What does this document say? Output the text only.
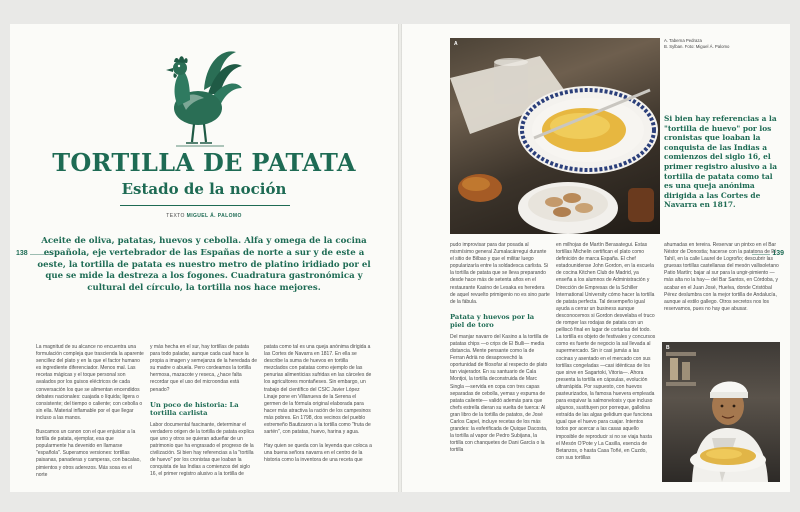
138
TORTILLA DE PATATA
Estado de la noción
TEXTO MIGUEL Á. PALOMO
Aceite de oliva, patatas, huevos y cebolla. Alfa y omega de la cocina española, eje vertebrador de las Españas de norte a sur y de este a oeste, la tortilla de patata es nuestro metro de platino iridiado por el que se mide la destreza a los fogones. Cuadratura gastronómica y cultural del círculo, la tortilla nos hace mejores.

La magnitud de su alcance no encuentra una formulación compleja que trascienda la aparente sencillez del plato y en la que el factor humano es ingrediente diferenciador. Menos mal. Las recetas mágicas y el toque personal son avalados por los guisos eléctricos de cada conversación los que se alimentan encendidos debates nacionales: cuajada o líquida; ligera o consistente; del tiempo o caliente; con cebolla o sin ella. Material inflamable por el que llegar incluso a las manos.

Buscamos un canon con el que enjuiciar a la tortilla de patata, ejemplar, esa que popularmente ha devenido en llamarse "española". Superamos versiones: tortillas paisanas, panaderas y camperas, con bacalao, pimientos y otros aderezos. Más sosa es el norte

y más hecha en el sur, hay tortillas de patata para todo paladar, aunque cada cual hace la propia a imagen y semejanza de la heredada de su madre o abuela. Pero cordeamos la tortilla hermosa, mazacote y reseca, ¿hace falta recordar que el uso del microondas está penado?

Un poco de historia: La tortilla carlista

Labor documental fascinante, determinar el verdadero origen de la tortilla de patata explica que uno y otros se quieran adueñar de un patrimonio que ha engrasado el progreso de la civilización. Si bien hay referencias a la "tortilla de huevo" por los cronistas que loaban la conquista de las Indias a comienzos del siglo 16, el primer registro alusivo a la tortilla de

patata como tal es una queja anónima dirigida a las Cortes de Navarra en 1817. En ella se describe la suma de huevos en tortilla mezclados con patatas como ejemplo de las penurias alimenticias sufridas en las cárceles de los agricultores montañeses. Sin embargo, un trabajo del científico del CSIC Javier López Linaje pone en Villanueva de la Serena el germen de la fórmula original elaborada para hacer más atractiva la ración de los campesinos más pobres. En 1798, dos vecinos del pueblo extremeño Bautizaron a la tortilla como "fruta de sartén", con patatas, huevo, harina y agua.

Hay quien se queda con la leyenda que coloca a una buena señora navarra en el centro de la historia como la inventora de una receta que

139
A
A. Taberna Pedraza
B. Sylban. Foto: Miguel Á. Palomo
Si bien hay referencias a la "tortilla de huevo" por los cronistas que loaban la conquista de las Indias a comienzos del siglo 16, el primer registro alusivo a la tortilla de patata como tal es una queja anónima dirigida a las Cortes de Navarra en 1817.

pudo improvisar para dar posada al mismísimo general Zumalacárregui durante el sitio de Bilbao y que el militar luego popularizaría entre la soldadesca carlista. Si la tortilla de patata que se lleva preparando desde hace más de setenta años en el restaurante Kasino de Lesaka es heredera de aquel revuelto primigenio no es sino parte de la fábula.

Patata y huevos por la piel de toro

Del manjar navarro del Kasino a la tortilla de patatas chips —o crips de El Bulli— media distancia. Mente pensante como la de Ferran Adrià no desaprovechó la oportunidad de filosofar al respecto de plato tan viajerador. En su santuario de Cala Montjoi, la tortilla deconstruida de Marc Singla —servida en copa con tres capas separadas de cebolla, yemas y espuma de patata caliente— validó además para que chefs estrella dieran su vuelta de tuerca: Al gran libro de la tortilla de patatos, de José Carlos Capel, incluye recetas de los más grandes: la esferificada de Quique Dacosta, la tortilla al vapor de Pedro Subijana, la tortilla con chanquetes de Dani García o la tortilla

en milhojas de Martín Berasategui. Estas tortillas Michelin certifican el plato como definición de marca España. El chef estadounidense John Gordon, en la escuela de cocina Kitchen Club de Madrid, ya enseña a los alumnos de Administración y Dirección de Empresas de la Schiller International University cómo hacer la tortilla de patata perfecta. Tal desempeño igual ayuda a cerrar un business aunque desconocemos si Gordon desvelaba el truco de romper las rodajas de patata con un pelliscó final en lugar de cortarlas del todo. La tortilla es objeto de festivales y concursos como es fuerte de negocio la sal llevada al supermercado. Sin ir casi jamás a las cocinas y asentado en el mercado con sus tortillas congeladas —casi idénticas de los que sirve en Sagartoki, Vitoria—. Ahora presenta la tortilla en cápsulas, evolución ultrarrápida. Por supuesto, con huevos pasteurizados, la famosa huevera empleada para esquivar la salmonelosis y que incluso algunos, sustituyen por porreque, gallolina extraída de las algas gelidium que funciona igual que el huevo para cuajar. Intentos todos por acercar a las casas aquello imposible de reproducir si no se viaja hasta el Mesón O'Pote y La Casilla, esencia de Betanzos, o hasta Casa Toñé, en Cuzdo, con sus tortillas

ahumadas en tereira. Reservar un pintxo en el Bar Néstor de Donostia; hacerse con la patatona de El Tahíl, en la calle Laurel de Logroño; descubrir las gruesas tortillas castellanas del mesón vallisoletano Patio Martín; bajar al sur para la ungir-pimiento —más alta no la hay— del Bar Santos, en Córdoba, y acabar en el Juan José, Huelva, donde Cristóbal Pérez deslumbra con la mejor tortilla de Andalucía, aunque al estilo gallego. Otros secretos nos los reservamos, pues no hay que abusar.

B
